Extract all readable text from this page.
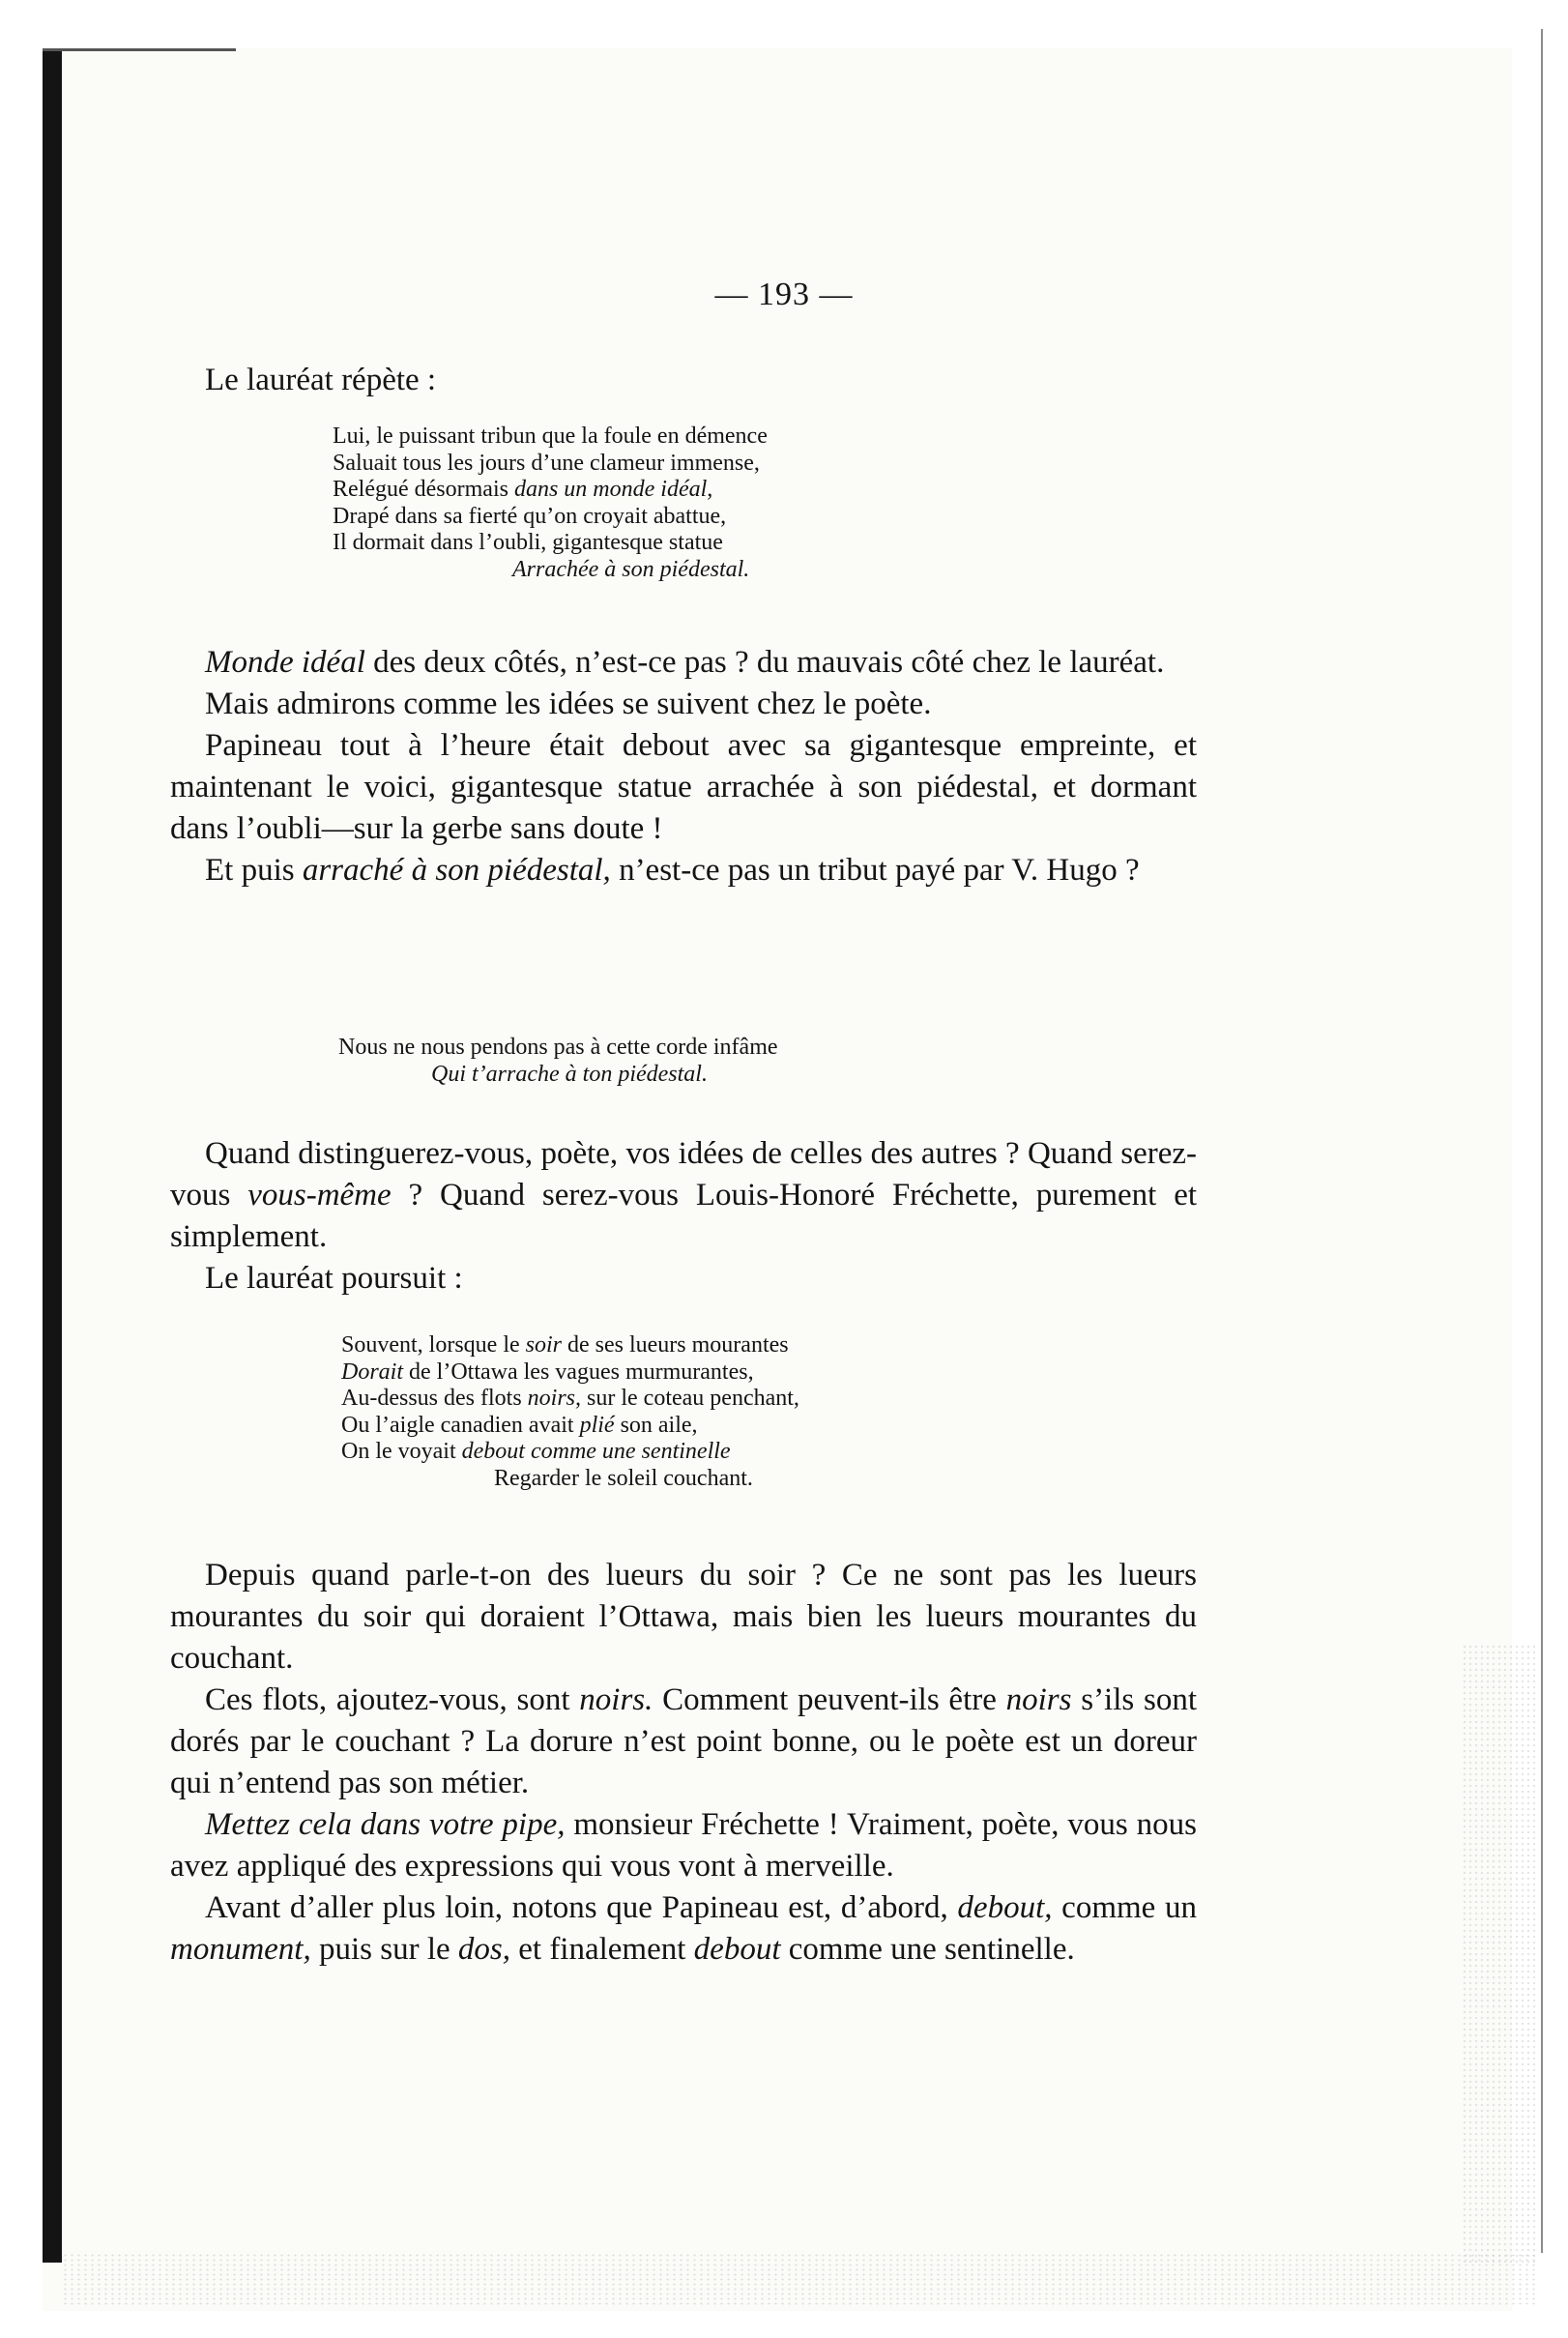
— 193 —

Le lauréat répète :

Lui, le puissant tribun que la foule en démence
Saluait tous les jours d’une clameur immense,
Relégué désormais dans un monde idéal,
Drapé dans sa fierté qu’on croyait abattue,
Il dormait dans l’oubli, gigantesque statue
Arrachée à son piédestal.

Monde idéal des deux côtés, n’est-ce pas ? du mauvais côté chez le lauréat.

Mais admirons comme les idées se suivent chez le poète.

Papineau tout à l’heure était debout avec sa gigantesque empreinte, et maintenant le voici, gigantesque statue arrachée à son piédestal, et dormant dans l’oubli—sur la gerbe sans doute !

Et puis arraché à son piédestal, n’est-ce pas un tribut payé par V. Hugo ?

Nous ne nous pendons pas à cette corde infâme
Qui t’arrache à ton piédestal.

Quand distinguerez-vous, poète, vos idées de celles des autres ? Quand serez-vous vous-même ? Quand serez-vous Louis-Honoré Fréchette, purement et simplement.

Le lauréat poursuit :

Souvent, lorsque le soir de ses lueurs mourantes
Dorait de l’Ottawa les vagues murmurantes,
Au-dessus des flots noirs, sur le coteau penchant,
Ou l’aigle canadien avait plié son aile,
On le voyait debout comme une sentinelle
Regarder le soleil couchant.

Depuis quand parle-t-on des lueurs du soir ? Ce ne sont pas les lueurs mourantes du soir qui doraient l’Ottawa, mais bien les lueurs mourantes du couchant.

Ces flots, ajoutez-vous, sont noirs. Comment peuvent-ils être noirs s’ils sont dorés par le couchant ? La dorure n’est point bonne, ou le poète est un doreur qui n’entend pas son métier.

Mettez cela dans votre pipe, monsieur Fréchette ! Vraiment, poète, vous nous avez appliqué des expressions qui vous vont à merveille.

Avant d’aller plus loin, notons que Papineau est, d’abord, debout, comme un monument, puis sur le dos, et finalement debout comme une sentinelle.
